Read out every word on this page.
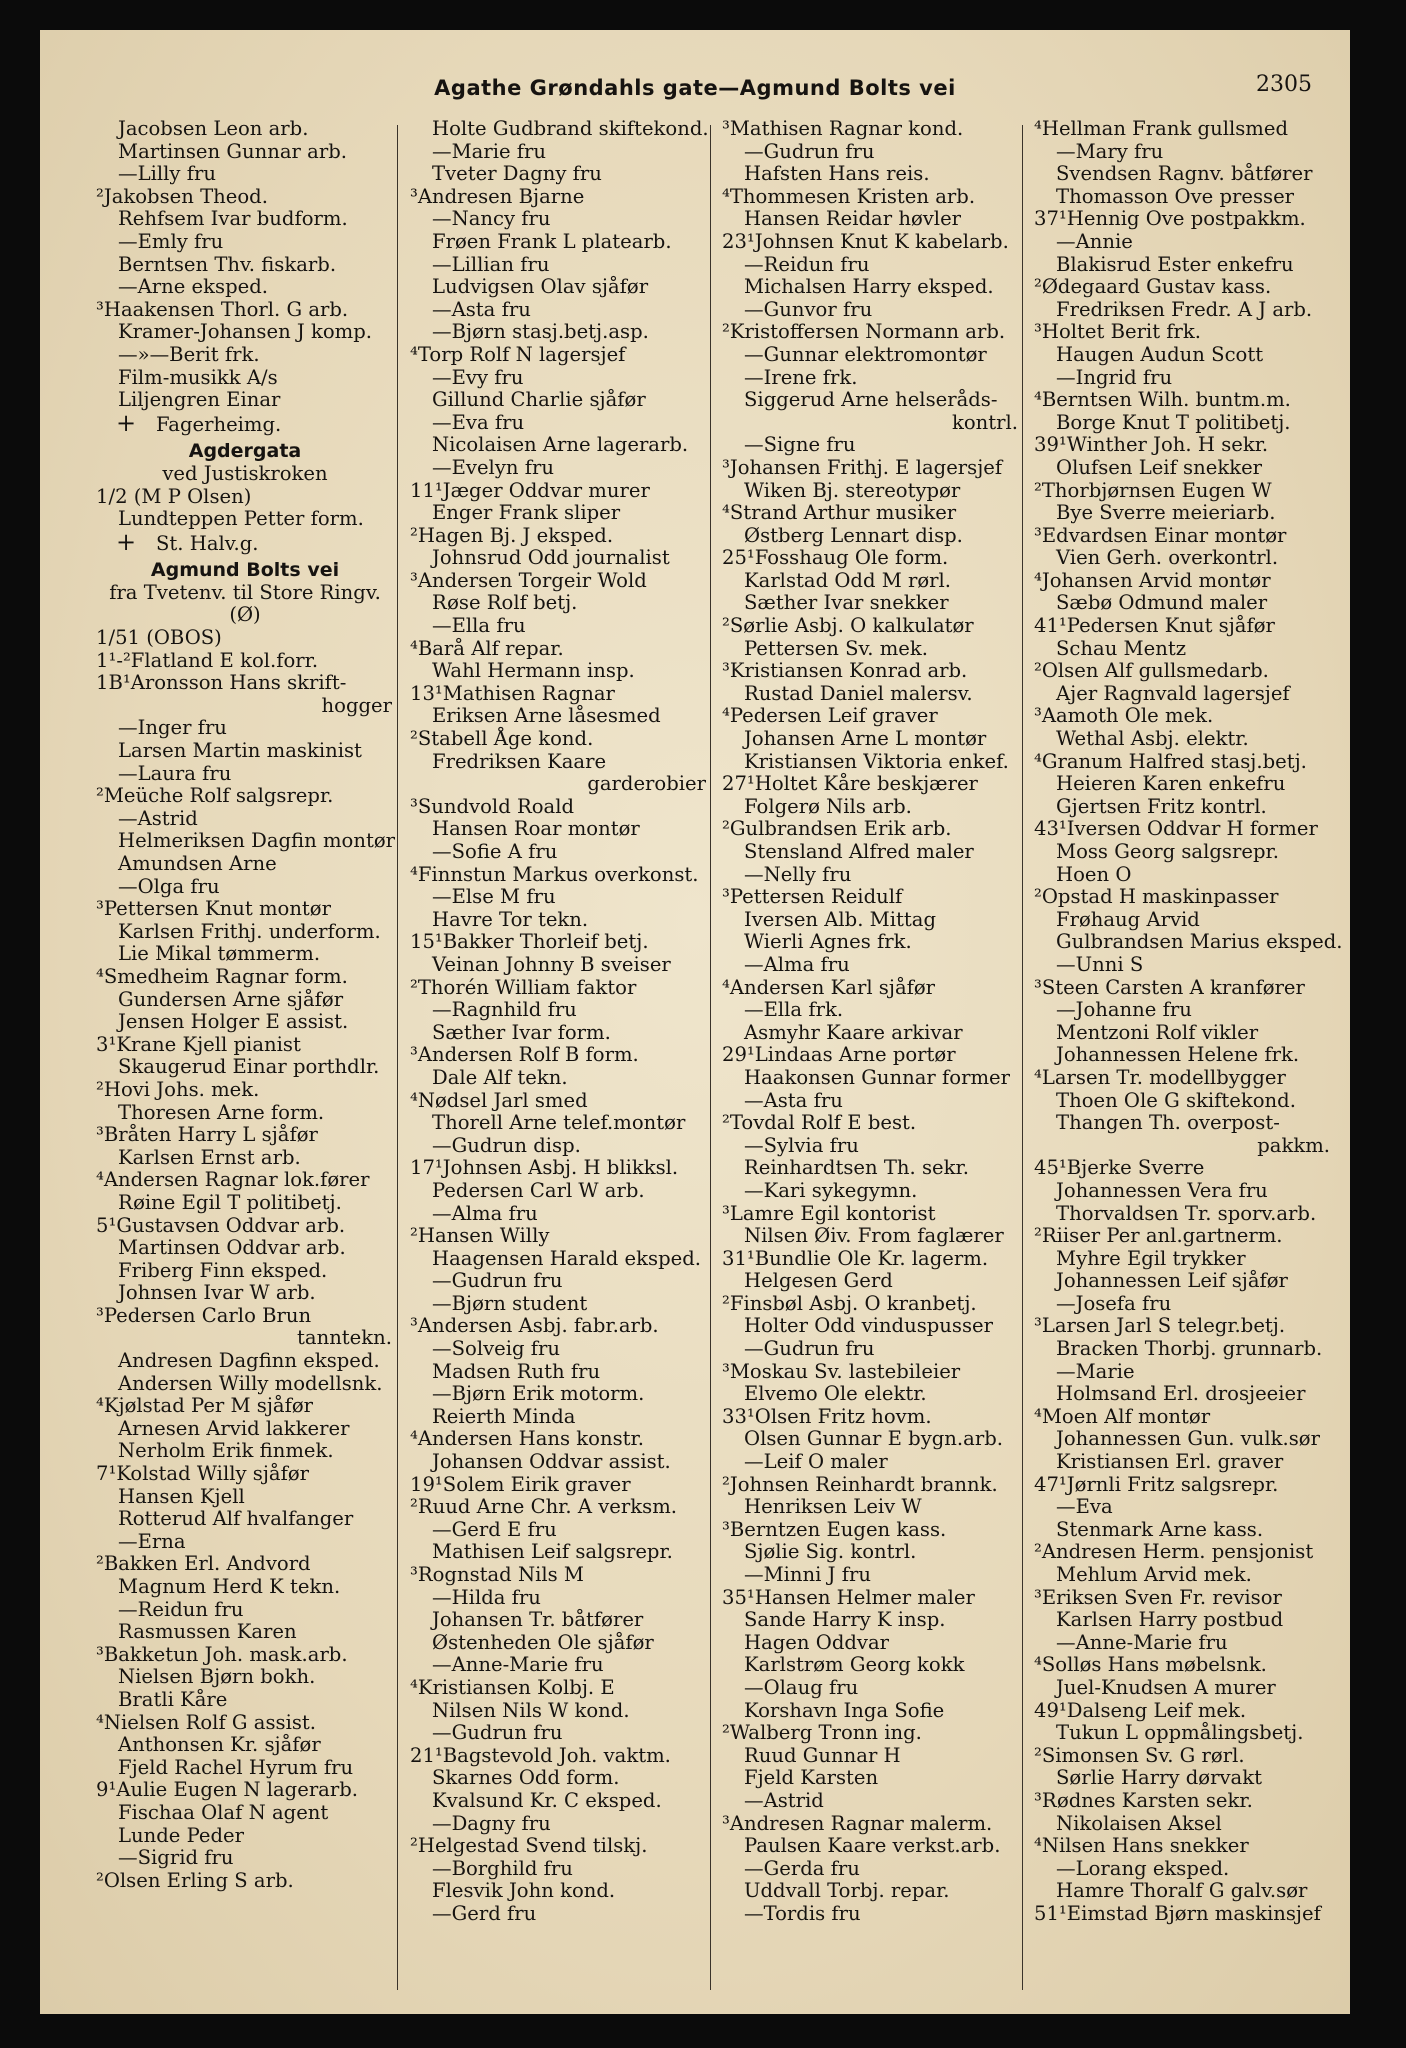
Agathe Grøndahls gate—Agmund Bolts vei	2305
Jacobsen Leon arb.
Martinsen Gunnar arb.
—Lilly fru
²Jakobsen Theod.
Rehfsem Ivar budform.
—Emly fru
Berntsen Thv. fiskarb.
—Arne eksped.
³Haakensen Thorl. G arb.
Kramer-Johansen J komp.
—»—Berit frk.
Film-musikk A/s
Liljengren Einar
+ Fagerheimg.
Agdergata
ved Justiskroken
1/2 (M P Olsen)
Lundteppen Petter form.
+ St. Halv.g.
Agmund Bolts vei
fra Tvetenv. til Store Ringv.
(Ø)
1/51 (OBOS)
1¹-²Flatland E kol.forr.
1B¹Aronsson Hans skrift-
hogger
—Inger fru
Larsen Martin maskinist
—Laura fru
²Meüche Rolf salgsrepr.
—Astrid
Helmeriksen Dagfin montør
Amundsen Arne
—Olga fru
³Pettersen Knut montør
Karlsen Frithj. underform.
Lie Mikal tømmerm.
⁴Smedheim Ragnar form.
Gundersen Arne sjåfør
Jensen Holger E assist.
3¹Krane Kjell pianist
Skaugerud Einar porthdlr.
²Hovi Johs. mek.
Thoresen Arne form.
³Bråten Harry L sjåfør
Karlsen Ernst arb.
⁴Andersen Ragnar lok.fører
Røine Egil T politibetj.
5¹Gustavsen Oddvar arb.
Martinsen Oddvar arb.
Friberg Finn eksped.
Johnsen Ivar W arb.
³Pedersen Carlo Brun
tanntekn.
Andresen Dagfinn eksped.
Andersen Willy modellsnk.
⁴Kjølstad Per M sjåfør
Arnesen Arvid lakkerer
Nerholm Erik finmek.
7¹Kolstad Willy sjåfør
Hansen Kjell
Rotterud Alf hvalfanger
—Erna
²Bakken Erl. Andvord
Magnum Herd K tekn.
—Reidun fru
Rasmussen Karen
³Bakketun Joh. mask.arb.
Nielsen Bjørn bokh.
Bratli Kåre
⁴Nielsen Rolf G assist.
Anthonsen Kr. sjåfør
Fjeld Rachel Hyrum fru
9¹Aulie Eugen N lagerarb.
Fischaa Olaf N agent
Lunde Peder
—Sigrid fru
²Olsen Erling S arb.
Holte Gudbrand skiftekond.
—Marie fru
Tveter Dagny fru
³Andresen Bjarne
—Nancy fru
Frøen Frank L platearb.
—Lillian fru
Ludvigsen Olav sjåfør
—Asta fru
—Bjørn stasj.betj.asp.
⁴Torp Rolf N lagersjef
—Evy fru
Gillund Charlie sjåfør
—Eva fru
Nicolaisen Arne lagerarb.
—Evelyn fru
11¹Jæger Oddvar murer
Enger Frank sliper
²Hagen Bj. J eksped.
Johnsrud Odd journalist
³Andersen Torgeir Wold
Røse Rolf betj.
—Ella fru
⁴Barå Alf repar.
Wahl Hermann insp.
13¹Mathisen Ragnar
Eriksen Arne låsesmed
²Stabell Åge kond.
Fredriksen Kaare
garderobier
³Sundvold Roald
Hansen Roar montør
—Sofie A fru
⁴Finnstun Markus overkonst.
—Else M fru
Havre Tor tekn.
15¹Bakker Thorleif betj.
Veinan Johnny B sveiser
²Thorén William faktor
—Ragnhild fru
Sæther Ivar form.
³Andersen Rolf B form.
Dale Alf tekn.
⁴Nødsel Jarl smed
Thorell Arne telef.montør
—Gudrun disp.
17¹Johnsen Asbj. H blikksl.
Pedersen Carl W arb.
—Alma fru
²Hansen Willy
Haagensen Harald eksped.
—Gudrun fru
—Bjørn student
³Andersen Asbj. fabr.arb.
—Solveig fru
Madsen Ruth fru
—Bjørn Erik motorm.
Reierth Minda
⁴Andersen Hans konstr.
Johansen Oddvar assist.
19¹Solem Eirik graver
²Ruud Arne Chr. A verksm.
—Gerd E fru
Mathisen Leif salgsrepr.
³Rognstad Nils M
—Hilda fru
Johansen Tr. båtfører
Østenheden Ole sjåfør
—Anne-Marie fru
⁴Kristiansen Kolbj. E
Nilsen Nils W kond.
—Gudrun fru
21¹Bagstevold Joh. vaktm.
Skarnes Odd form.
Kvalsund Kr. C eksped.
—Dagny fru
²Helgestad Svend tilskj.
—Borghild fru
Flesvik John kond.
—Gerd fru
³Mathisen Ragnar kond.
—Gudrun fru
Hafsten Hans reis.
⁴Thommesen Kristen arb.
Hansen Reidar høvler
23¹Johnsen Knut K kabelarb.
—Reidun fru
Michalsen Harry eksped.
—Gunvor fru
²Kristoffersen Normann arb.
—Gunnar elektromontør
—Irene frk.
Siggerud Arne helseråds-
kontrl.
—Signe fru
³Johansen Frithj. E lagersjef
Wiken Bj. stereotypør
⁴Strand Arthur musiker
Østberg Lennart disp.
25¹Fosshaug Ole form.
Karlstad Odd M rørl.
Sæther Ivar snekker
²Sørlie Asbj. O kalkulatør
Pettersen Sv. mek.
³Kristiansen Konrad arb.
Rustad Daniel malersv.
⁴Pedersen Leif graver
Johansen Arne L montør
Kristiansen Viktoria enkef.
27¹Holtet Kåre beskjærer
Folgerø Nils arb.
²Gulbrandsen Erik arb.
Stensland Alfred maler
—Nelly fru
³Pettersen Reidulf
Iversen Alb. Mittag
Wierli Agnes frk.
—Alma fru
⁴Andersen Karl sjåfør
—Ella frk.
Asmyhr Kaare arkivar
29¹Lindaas Arne portør
Haakonsen Gunnar former
—Asta fru
²Tovdal Rolf E best.
—Sylvia fru
Reinhardtsen Th. sekr.
—Kari sykegymn.
³Lamre Egil kontorist
Nilsen Øiv. From faglærer
31¹Bundlie Ole Kr. lagerm.
Helgesen Gerd
²Finsbøl Asbj. O kranbetj.
Holter Odd vinduspusser
—Gudrun fru
³Moskau Sv. lastebileier
Elvemo Ole elektr.
33¹Olsen Fritz hovm.
Olsen Gunnar E bygn.arb.
—Leif O maler
²Johnsen Reinhardt brannk.
Henriksen Leiv W
³Berntzen Eugen kass.
Sjølie Sig. kontrl.
—Minni J fru
35¹Hansen Helmer maler
Sande Harry K insp.
Hagen Oddvar
Karlstrøm Georg kokk
—Olaug fru
Korshavn Inga Sofie
²Walberg Tronn ing.
Ruud Gunnar H
Fjeld Karsten
—Astrid
³Andresen Ragnar malerm.
Paulsen Kaare verkst.arb.
—Gerda fru
Uddvall Torbj. repar.
—Tordis fru
⁴Hellman Frank gullsmed
—Mary fru
Svendsen Ragnv. båtfører
Thomasson Ove presser
37¹Hennig Ove postpakkm.
—Annie
Blakisrud Ester enkefru
²Ødegaard Gustav kass.
Fredriksen Fredr. A J arb.
³Holtet Berit frk.
Haugen Audun Scott
—Ingrid fru
⁴Berntsen Wilh. buntm.m.
Borge Knut T politibetj.
39¹Winther Joh. H sekr.
Olufsen Leif snekker
²Thorbjørnsen Eugen W
Bye Sverre meieriarb.
³Edvardsen Einar montør
Vien Gerh. overkontrl.
⁴Johansen Arvid montør
Sæbø Odmund maler
41¹Pedersen Knut sjåfør
Schau Mentz
²Olsen Alf gullsmedarb.
Ajer Ragnvald lagersjef
³Aamoth Ole mek.
Wethal Asbj. elektr.
⁴Granum Halfred stasj.betj.
Heieren Karen enkefru
Gjertsen Fritz kontrl.
43¹Iversen Oddvar H former
Moss Georg salgsrepr.
Hoen O
²Opstad H maskinpasser
Frøhaug Arvid
Gulbrandsen Marius eksped.
—Unni S
³Steen Carsten A kranfører
—Johanne fru
Mentzoni Rolf vikler
Johannessen Helene frk.
⁴Larsen Tr. modellbygger
Thoen Ole G skiftekond.
Thangen Th. overpost-
pakkm.
45¹Bjerke Sverre
Johannessen Vera fru
Thorvaldsen Tr. sporv.arb.
²Riiser Per anl.gartnerm.
Myhre Egil trykker
Johannessen Leif sjåfør
—Josefa fru
³Larsen Jarl S telegr.betj.
Bracken Thorbj. grunnarb.
—Marie
Holmsand Erl. drosjeeier
⁴Moen Alf montør
Johannessen Gun. vulk.sør
Kristiansen Erl. graver
47¹Jørnli Fritz salgsrepr.
—Eva
Stenmark Arne kass.
²Andresen Herm. pensjonist
Mehlum Arvid mek.
³Eriksen Sven Fr. revisor
Karlsen Harry postbud
—Anne-Marie fru
⁴Solløs Hans møbelsnk.
Juel-Knudsen A murer
49¹Dalseng Leif mek.
Tukun L oppmålingsbetj.
²Simonsen Sv. G rørl.
Sørlie Harry dørvakt
³Rødnes Karsten sekr.
Nikolaisen Aksel
⁴Nilsen Hans snekker
—Lorang eksped.
Hamre Thoralf G galv.sør
51¹Eimstad Bjørn maskinsjef
